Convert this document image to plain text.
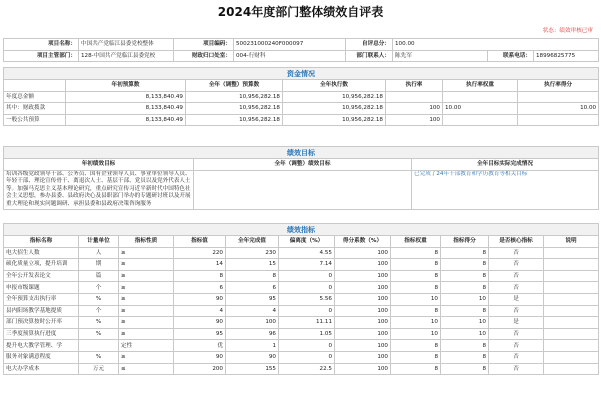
2024年度部门整体绩效自评表
状态：绩效审核已审
项目名称：	中国共产党临江县委党校整体	项目编码：	500231000240F000097	自评总分：	100.00		
项目主管部门：	128-中国共产党临江县委党校	财政归口处室：	004-行财科	部门联系人：	陈先军	联系电话：	18996825775
资金情况						
	年初预算数	全年（调整）预算数	全年执行数	执行率	执行率权重	执行率得分
年度总金额	8,133,840.49	10,956,282.18	10,956,282.18			
其中：财政拨款	8,133,840.49	10,956,282.18	10,956,282.18	100	10.00	10.00
一般公共预算	8,133,840.49	10,956,282.18	10,956,282.18	100		
绩效目标		
年初绩效目标	全年（调整）绩效目标	全年目标实际完成情况
培训各级党政领导干部、公务员、国有企业领导人员、事业单位领导人员、年轻干部、理论宣传骨干、离退次人士、基层干部、党员以及党外代表人士等。加强马克思主义基本理论研究，重点研究宣传习近平新时代中国特色社会主义思想，参办县委、县政府决心及县职部门举办的专题研讨班以及开展重大理论和现实问题调研、承担县委和县政府决策咨询服务		已完成了24年干部教育和学历教育等相关目标
绩效指标										
指标名称	计量单位	指标性质	指标值	全年完成值	偏离度（%）	得分系数（%）	指标权重	指标得分	是否核心指标	说明
电大招生人数	人	≥	220	230	4.55	100	8	8	否	
硕化质量立项，提升培训	期	≥	14	15	7.14	100	8	8	否	
全年公开发表论文	篇	≥	8	8	0	100	8	8	否	
申报市级课题	个	≥	6	6	0	100	8	8	否	
全年预算支出执行率	%	≥	90	95	5.56	100	10	10	是	
县内阳场教学基地提质	个	≥	4	4	0	100	8	8	否	
部门预决算按时公开率	%	≥	90	100	11.11	100	10	10	是	
三季度预算执行进度	%	≥	95	96	1.05	100	10	10	否	
提升电大教学管理、学		定性	优	1	0	100	8	8	否	
服务对象满意程度	%	≥	90	90	0	100	8	8	否	
电大办学成本	万元	≤	200	155	22.5	100	8	8	否	
